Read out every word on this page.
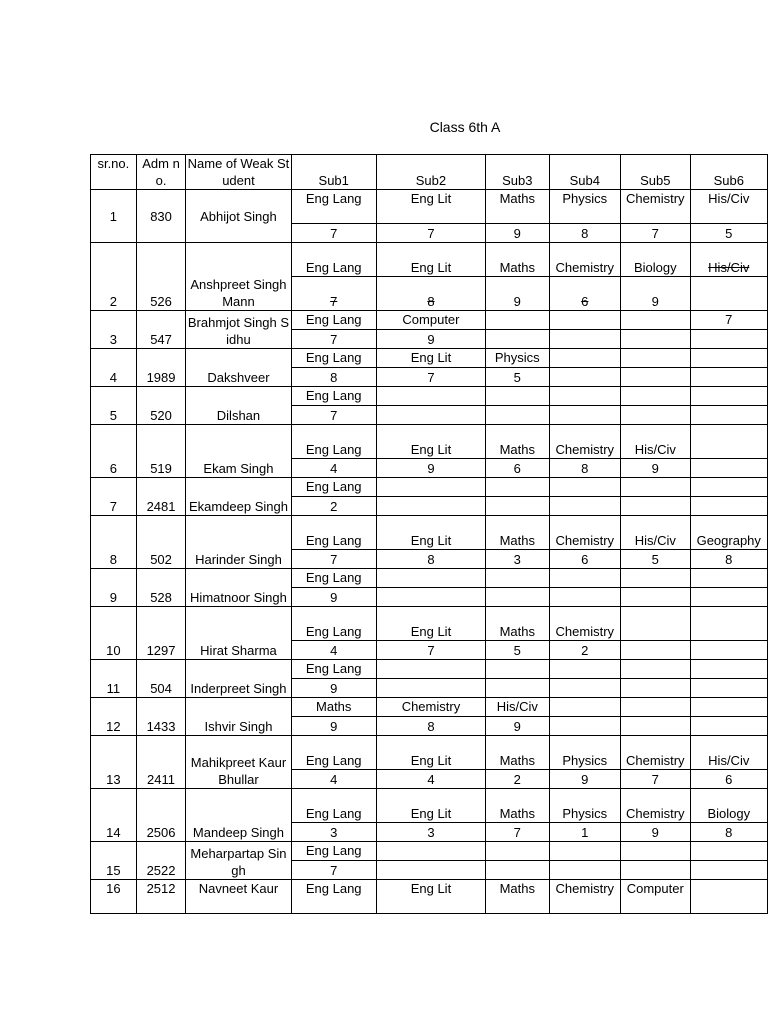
Class 6th A
sr.no.	Adm no.	Name of Weak Student	Sub1	Sub2	Sub3	Sub4	Sub5	Sub6
1	830	Abhijot Singh	Eng Lang	Eng Lit	Maths	Physics	Chemistry	His/Civ
			7	7	9	8	7	5
2	526	Anshpreet Singh Mann	Eng Lang	Eng Lit	Maths	Chemistry	Biology	His/Civ
			7	8	9	6	9	
3	547	Brahmjot Singh Sidhu	Eng Lang	Computer				7
			7	9				
4	1989	Dakshveer	Eng Lang	Eng Lit	Physics			
			8	7	5			
5	520	Dilshan	Eng Lang					
			7					
6	519	Ekam Singh	Eng Lang	Eng Lit	Maths	Chemistry	His/Civ	
			4	9	6	8	9	
7	2481	Ekamdeep Singh	Eng Lang					
			2					
8	502	Harinder Singh	Eng Lang	Eng Lit	Maths	Chemistry	His/Civ	Geography
			7	8	3	6	5	8
9	528	Himatnoor Singh	Eng Lang					
			9					
10	1297	Hirat Sharma	Eng Lang	Eng Lit	Maths	Chemistry		
			4	7	5	2		
11	504	Inderpreet Singh	Eng Lang					
			9					
12	1433	Ishvir Singh	Maths	Chemistry	His/Civ			
			9	8	9			
13	2411	Mahikpreet Kaur Bhullar	Eng Lang	Eng Lit	Maths	Physics	Chemistry	His/Civ
			4	4	2	9	7	6
14	2506	Mandeep Singh	Eng Lang	Eng Lit	Maths	Physics	Chemistry	Biology
			3	3	7	1	9	8
15	2522	Meharpartap Singh	Eng Lang					
			7					
16	2512	Navneet Kaur	Eng Lang	Eng Lit	Maths	Chemistry	Computer	
